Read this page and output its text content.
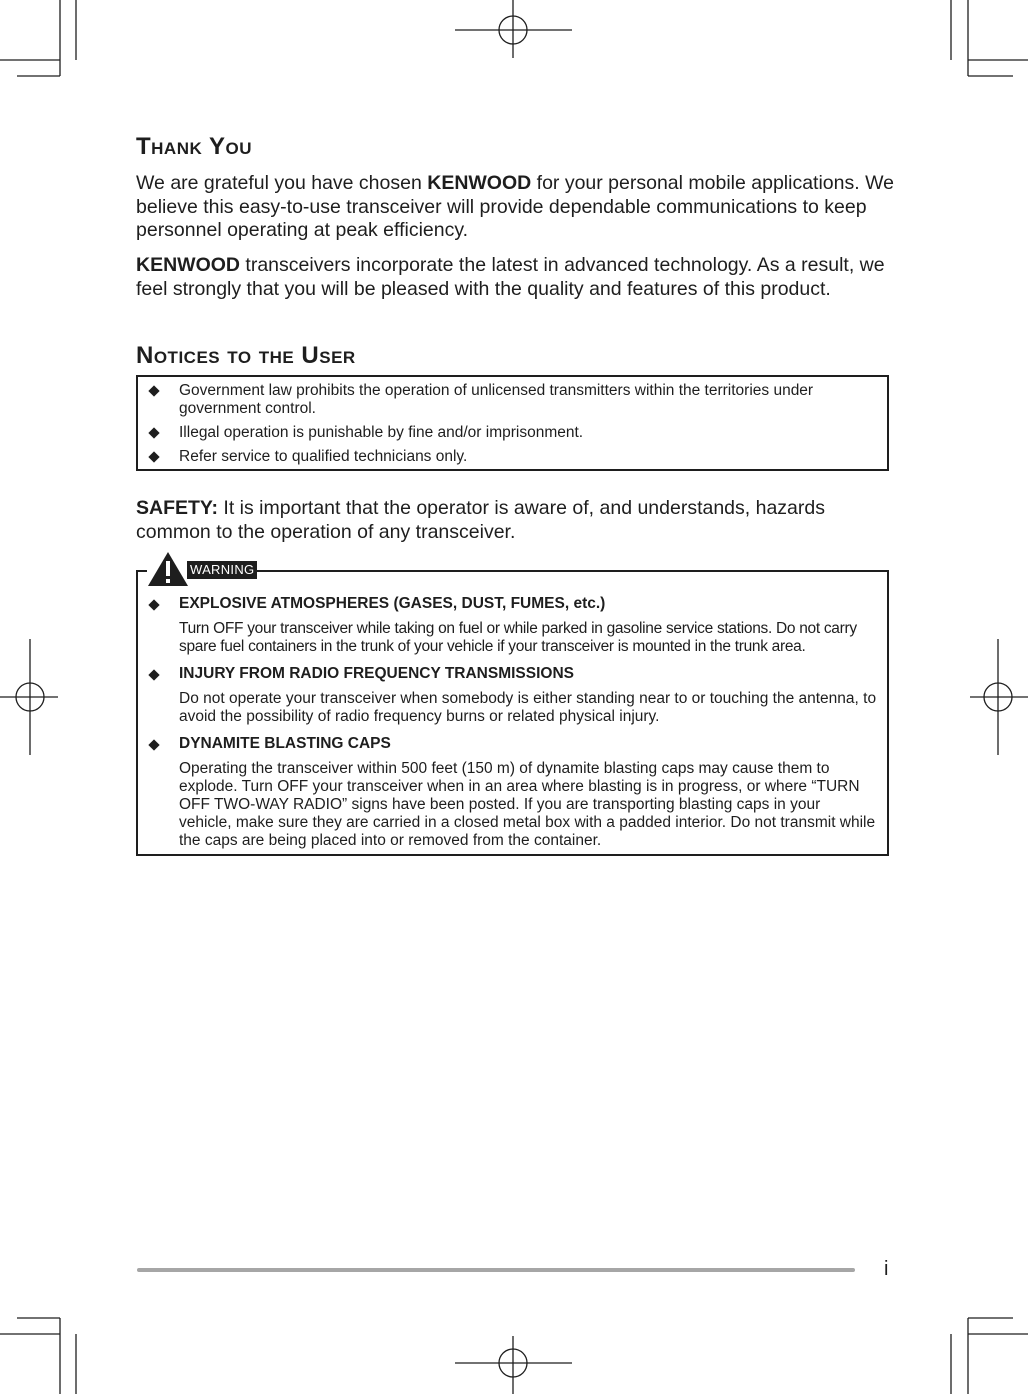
Thank You

We are grateful you have chosen KENWOOD for your personal mobile applications. We believe this easy-to-use transceiver will provide dependable communications to keep personnel operating at peak efficiency.

KENWOOD transceivers incorporate the latest in advanced technology. As a result, we feel strongly that you will be pleased with the quality and features of this product.

Notices to the User
Government law prohibits the operation of unlicensed transmitters within the territories under government control.
Illegal operation is punishable by fine and/or imprisonment.
Refer service to qualified technicians only.

SAFETY: It is important that the operator is aware of, and understands, hazards common to the operation of any transceiver.

EXPLOSIVE ATMOSPHERES (GASES, DUST, FUMES, etc.)
Turn OFF your transceiver while taking on fuel or while parked in gasoline service stations. Do not carry spare fuel containers in the trunk of your vehicle if your transceiver is mounted in the trunk area.
INJURY FROM RADIO FREQUENCY TRANSMISSIONS
Do not operate your transceiver when somebody is either standing near to or touching the antenna, to avoid the possibility of radio frequency burns or related physical injury.
DYNAMITE BLASTING CAPS
Operating the transceiver within 500 feet (150 m) of dynamite blasting caps may cause them to explode. Turn OFF your transceiver when in an area where blasting is in progress, or where “TURN OFF TWO-WAY RADIO” signs have been posted. If you are transporting blasting caps in your vehicle, make sure they are carried in a closed metal box with a padded interior. Do not transmit while the caps are being placed into or removed from the container.
WARNING

i
